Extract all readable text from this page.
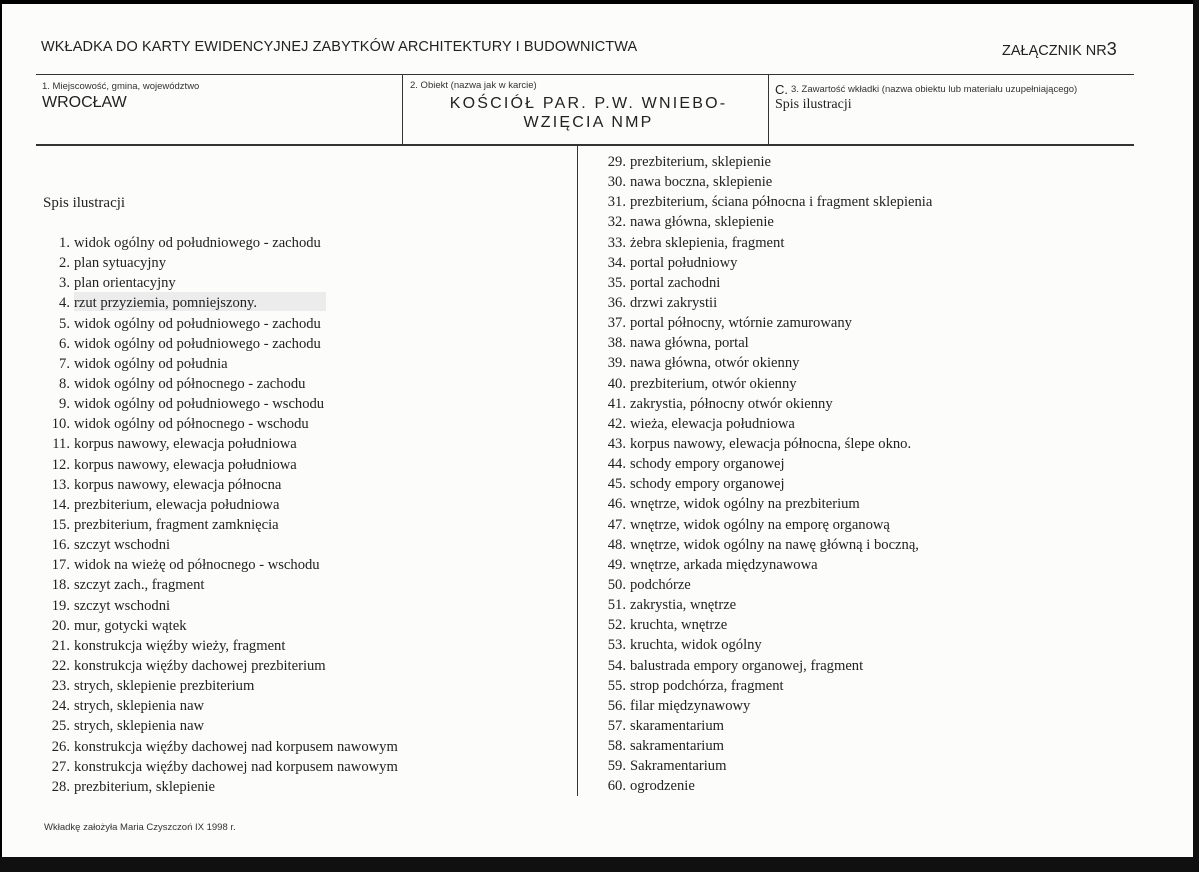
WKŁADKA DO KARTY EWIDENCYJNEJ ZABYTKÓW ARCHITEKTURY I BUDOWNICTWA	ZAŁĄCZNIK NR3
1. Miejscowość, gmina, województwo
WROCŁAW
2. Obiekt (nazwa jak w karcie)
KOŚCIÓŁ PAR. P.W. WNIEBO- WZIĘCIA NMP
C. 3. Zawartość wkładki (nazwa obiektu lub materiału uzupełniającego)
Spis ilustracji
Spis ilustracji
1. widok ogólny od południowego - zachodu
2. plan sytuacyjny
3. plan orientacyjny
4. rzut przyziemia, pomniejszony.
5. widok ogólny od południowego - zachodu
6. widok ogólny od południowego - zachodu
7. widok ogólny od południa
8. widok ogólny od północnego - zachodu
9. widok ogólny od południowego - wschodu
10. widok ogólny od północnego - wschodu
11. korpus nawowy, elewacja południowa
12. korpus nawowy, elewacja południowa
13. korpus nawowy, elewacja północna
14. prezbiterium, elewacja południowa
15. prezbiterium, fragment zamknięcia
16. szczyt wschodni
17. widok na wieżę od północnego - wschodu
18. szczyt zach., fragment
19. szczyt wschodni
20. mur, gotycki wątek
21. konstrukcja więźby wieży, fragment
22. konstrukcja więźby dachowej prezbiterium
23. strych, sklepienie prezbiterium
24. strych, sklepienia naw
25. strych, sklepienia naw
26. konstrukcja więźby dachowej nad korpusem nawowym
27. konstrukcja więźby dachowej nad korpusem nawowym
28. prezbiterium, sklepienie
29. prezbiterium, sklepienie
30. nawa boczna, sklepienie
31. prezbiterium, ściana północna i fragment sklepienia
32. nawa główna, sklepienie
33. żebra sklepienia, fragment
34. portal południowy
35. portal zachodni
36. drzwi zakrystii
37. portal północny, wtórnie zamurowany
38. nawa główna, portal
39. nawa główna, otwór okienny
40. prezbiterium, otwór okienny
41. zakrystia, północny otwór okienny
42. wieża, elewacja południowa
43. korpus nawowy, elewacja północna, ślepe okno.
44. schody empory organowej
45. schody empory organowej
46. wnętrze, widok ogólny na prezbiterium
47. wnętrze, widok ogólny na emporę organową
48. wnętrze, widok ogólny na nawę główną i boczną,
49. wnętrze, arkada międzynawowa
50. podchórze
51. zakrystia, wnętrze
52. kruchta, wnętrze
53. kruchta, widok ogólny
54. balustrada empory organowej, fragment
55. strop podchórza, fragment
56. filar międzynawowy
57. skaramentarium
58. sakramentarium
59. Sakramentarium
60. ogrodzenie
Wkładkę założyła Maria Czyszczoń IX 1998 r.
